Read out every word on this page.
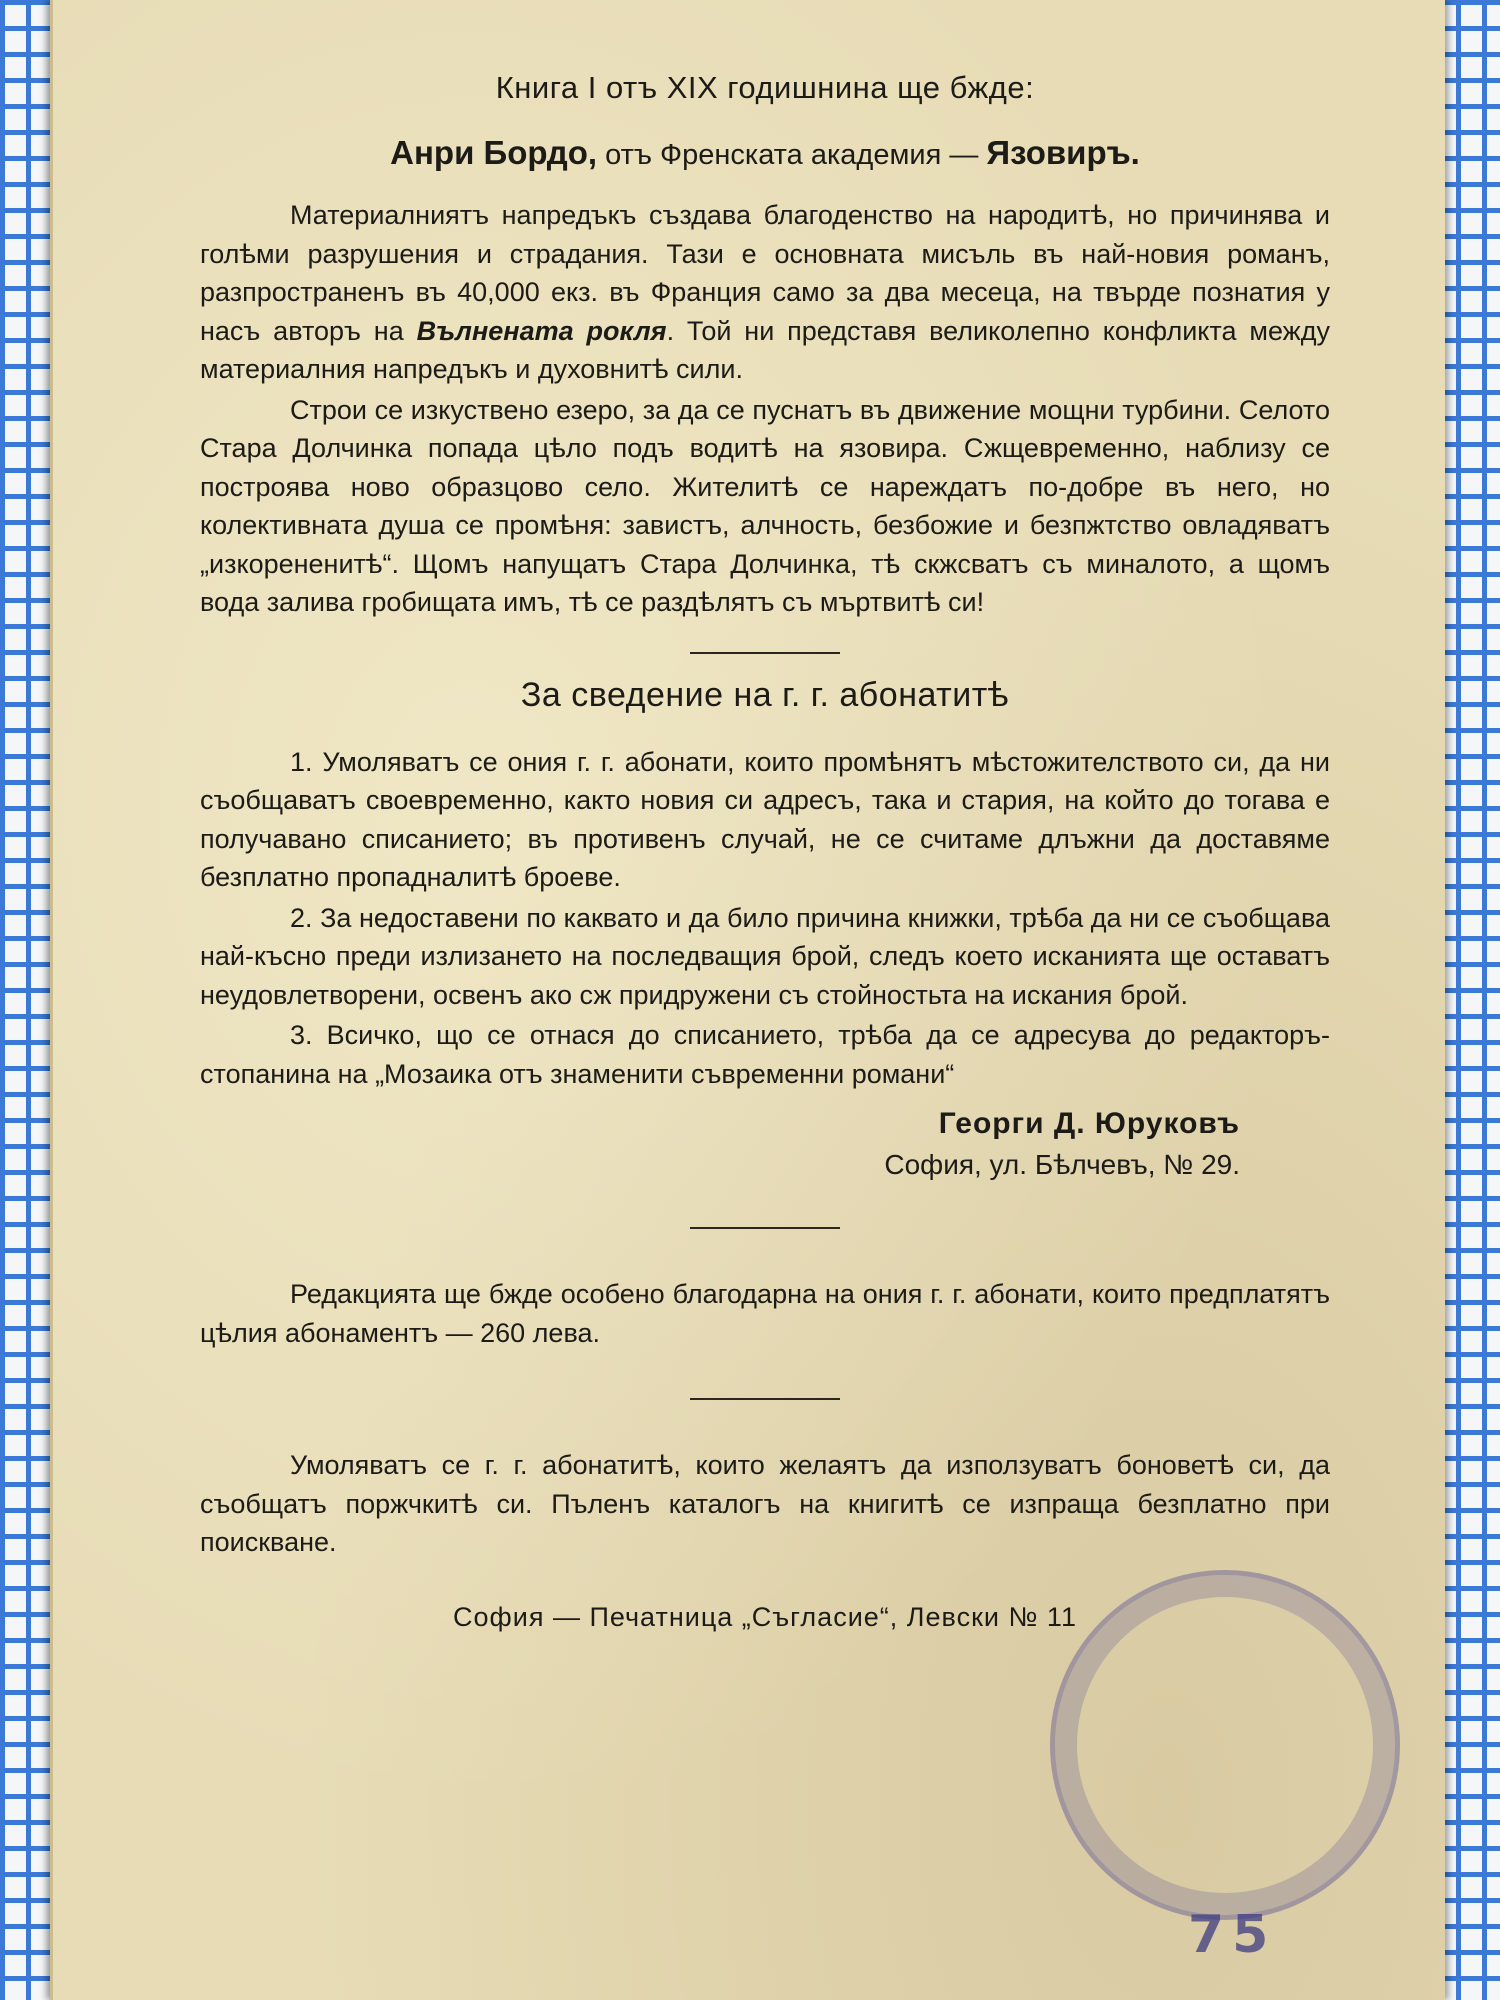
Книга I отъ XIX годишнина ще бжде:
Анри Бордо, отъ Френската академия — Язовиръ.

Материалниятъ напредъкъ създава благоденство на народитѣ, но причинява и голѣми разрушения и страдания. Тази е основната мисъль въ най-новия романъ, разпространенъ въ 40,000 екз. въ Франция само за два месеца, на твърде познатия у насъ авторъ на Вълнената рокля. Той ни представя великолепно конфликта между материалния напредъкъ и духовнитѣ сили.

Строи се изкуствено езеро, за да се пуснатъ въ движение мощни турбини. Селото Стара Долчинка попада цѣло подъ водитѣ на язовира. Сжщевременно, наблизу се построява ново образцово село. Жителитѣ се нареждатъ по-добре въ него, но колективната душа се промѣня: завистъ, алчность, безбожие и безпжтство овладяватъ „изкорененитѣ“. Щомъ напущатъ Стара Долчинка, тѣ скжсватъ съ миналото, а щомъ вода залива гробищата имъ, тѣ се раздѣлятъ съ мъртвитѣ си!

За сведение на г. г. абонатитѣ

1. Умоляватъ се ония г. г. абонати, които промѣнятъ мѣстожителството си, да ни съобщаватъ своевременно, както новия си адресъ, така и стария, на който до тогава е получавано списанието; въ противенъ случай, не се считаме длъжни да доставяме безплатно пропадналитѣ броеве.

2. За недоставени по каквато и да било причина книжки, трѣба да ни се съобщава най-късно преди излизането на последващия брой, следъ което исканията ще оставатъ неудовлетворени, освенъ ако сж придружени съ стойностьта на искания брой.

3. Всичко, що се отнася до списанието, трѣба да се адресува до редакторъ-стопанина на „Мозаика отъ знаменити съвременни романи“

Георги Д. Юруковъ
София, ул. Бѣлчевъ, № 29.

Редакцията ще бжде особено благодарна на ония г. г. абонати, които предплатятъ цѣлия абонаментъ — 260 лева.

Умоляватъ се г. г. абонатитѣ, които желаятъ да използуватъ боноветѣ си, да съобщатъ поржчкитѣ си. Пъленъ каталогъ на книгитѣ се изпраща безплатно при поискване.

София — Печатница „Съгласие“, Левски № 11
75
